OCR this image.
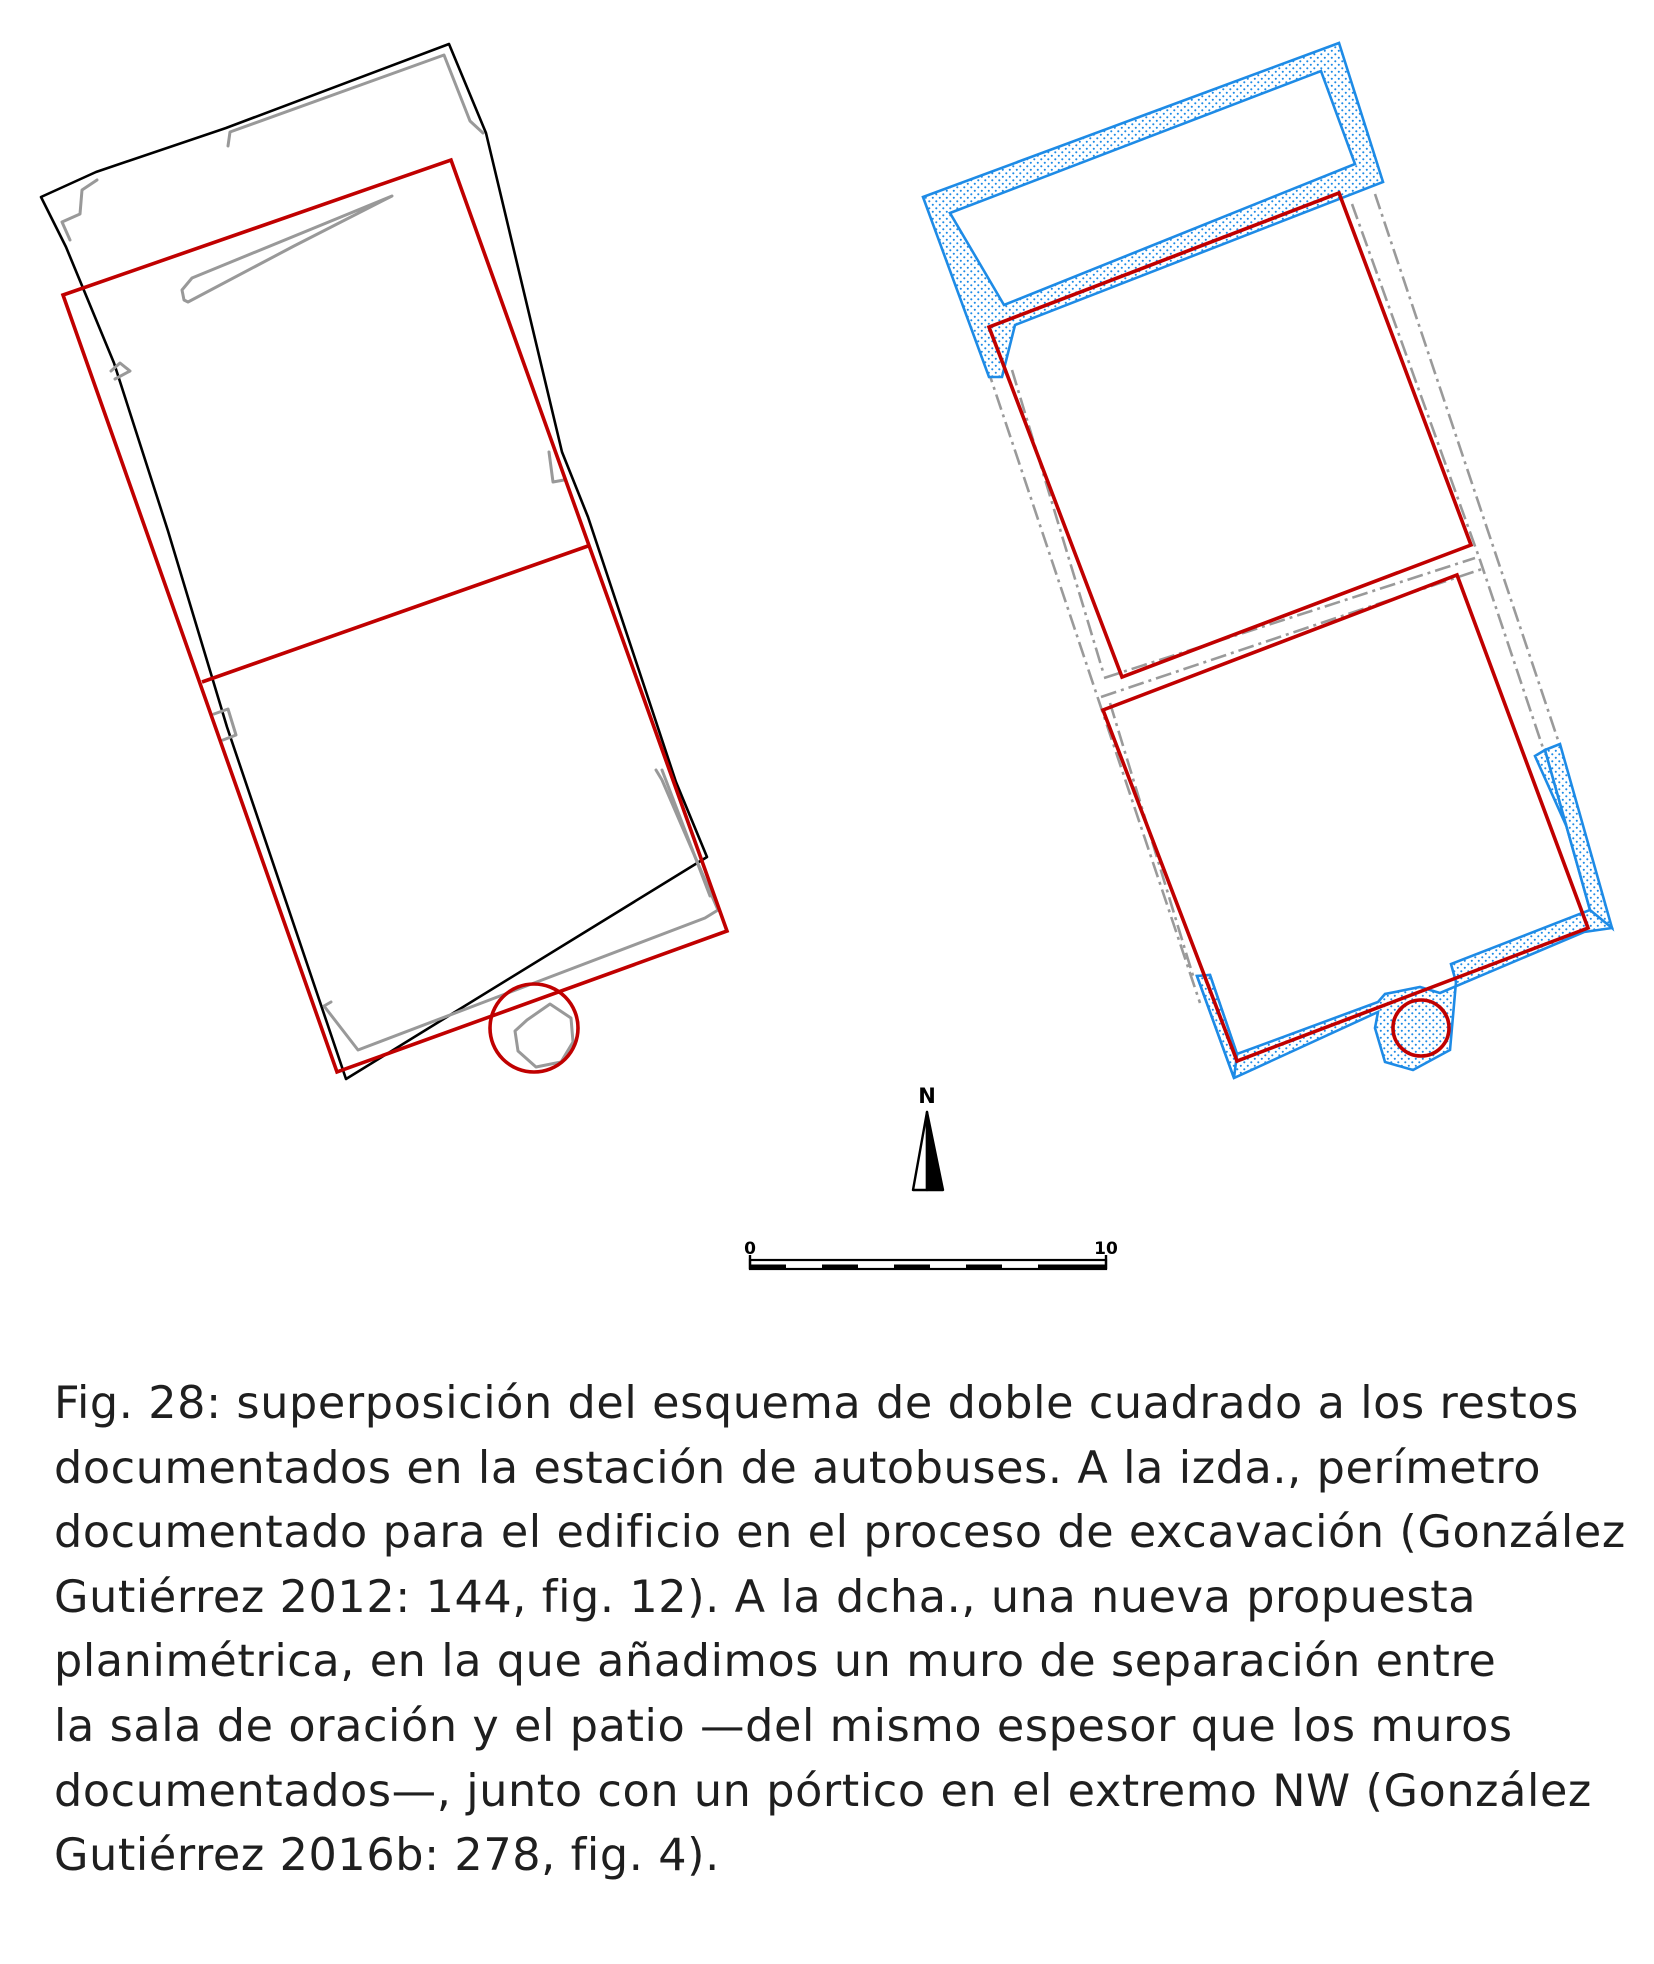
N
0	10

Fig. 28: superposición del esquema de doble cuadrado a los restos
documentados en la estación de autobuses. A la izda., perímetro
documentado para el edificio en el proceso de excavación (González
Gutiérrez 2012: 144, fig. 12). A la dcha., una nueva propuesta
planimétrica, en la que añadimos un muro de separación entre
la sala de oración y el patio —del mismo espesor que los muros
documentados—, junto con un pórtico en el extremo NW (González
Gutiérrez 2016b: 278, fig. 4).
